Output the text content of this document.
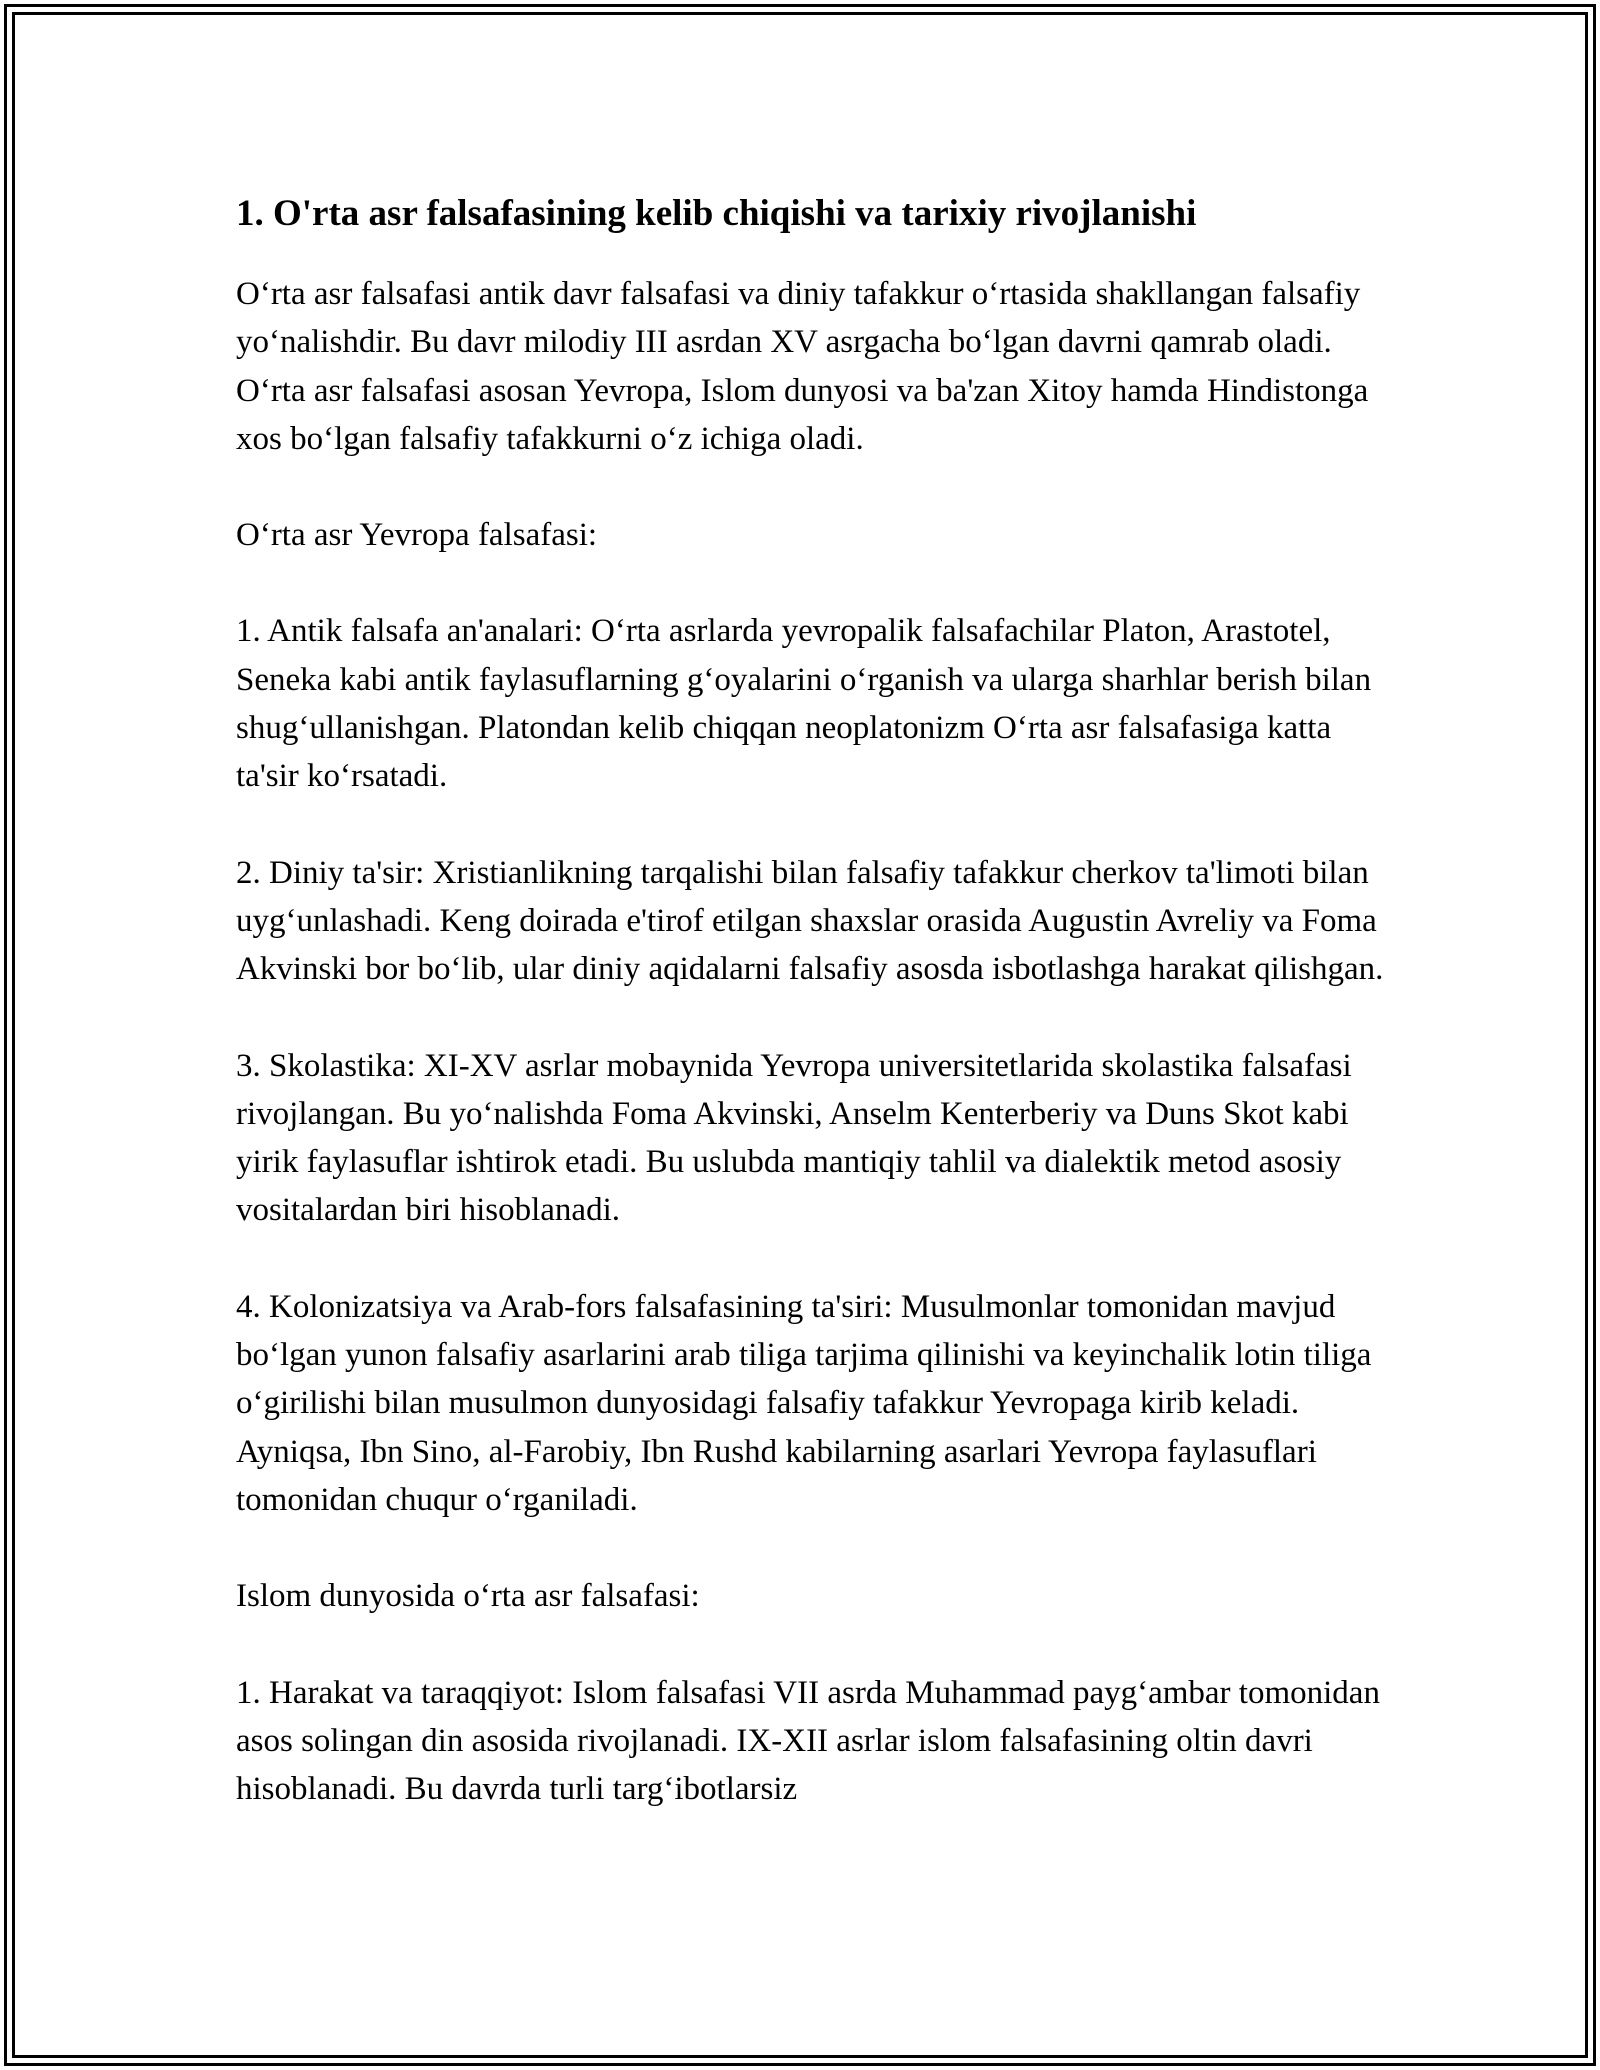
1. O'rta asr falsafasining kelib chiqishi va tarixiy rivojlanishi

O‘rta asr falsafasi antik davr falsafasi va diniy tafakkur o‘rtasida shakllangan falsafiy yo‘nalishdir. Bu davr milodiy III asrdan XV asrgacha bo‘lgan davrni qamrab oladi. O‘rta asr falsafasi asosan Yevropa, Islom dunyosi va ba'zan Xitoy hamda Hindistonga xos bo‘lgan falsafiy tafakkurni o‘z ichiga oladi.

O‘rta asr Yevropa falsafasi:

1. Antik falsafa an'analari: O‘rta asrlarda yevropalik falsafachilar Platon, Arastotel, Seneka kabi antik faylasuflarning g‘oyalarini o‘rganish va ularga sharhlar berish bilan shug‘ullanishgan. Platondan kelib chiqqan neoplatonizm O‘rta asr falsafasiga katta ta'sir ko‘rsatadi.

2. Diniy ta'sir: Xristianlikning tarqalishi bilan falsafiy tafakkur cherkov ta'limoti bilan uyg‘unlashadi. Keng doirada e'tirof etilgan shaxslar orasida Augustin Avreliy va Foma Akvinski bor bo‘lib, ular diniy aqidalarni falsafiy asosda isbotlashga harakat qilishgan.

3. Skolastika: XI-XV asrlar mobaynida Yevropa universitetlarida skolastika falsafasi rivojlangan. Bu yo‘nalishda Foma Akvinski, Anselm Kenterberiy va Duns Skot kabi yirik faylasuflar ishtirok etadi. Bu uslubda mantiqiy tahlil va dialektik metod asosiy vositalardan biri hisoblanadi.

4. Kolonizatsiya va Arab-fors falsafasining ta'siri: Musulmonlar tomonidan mavjud bo‘lgan yunon falsafiy asarlarini arab tiliga tarjima qilinishi va keyinchalik lotin tiliga o‘girilishi bilan musulmon dunyosidagi falsafiy tafakkur Yevropaga kirib keladi. Ayniqsa, Ibn Sino, al-Farobiy, Ibn Rushd kabilarning asarlari Yevropa faylasuflari tomonidan chuqur o‘rganiladi.

Islom dunyosida o‘rta asr falsafasi:

1. Harakat va taraqqiyot: Islom falsafasi VII asrda Muhammad payg‘ambar tomonidan asos solingan din asosida rivojlanadi. IX-XII asrlar islom falsafasining oltin davri hisoblanadi. Bu davrda turli targ‘ibotlarsiz
